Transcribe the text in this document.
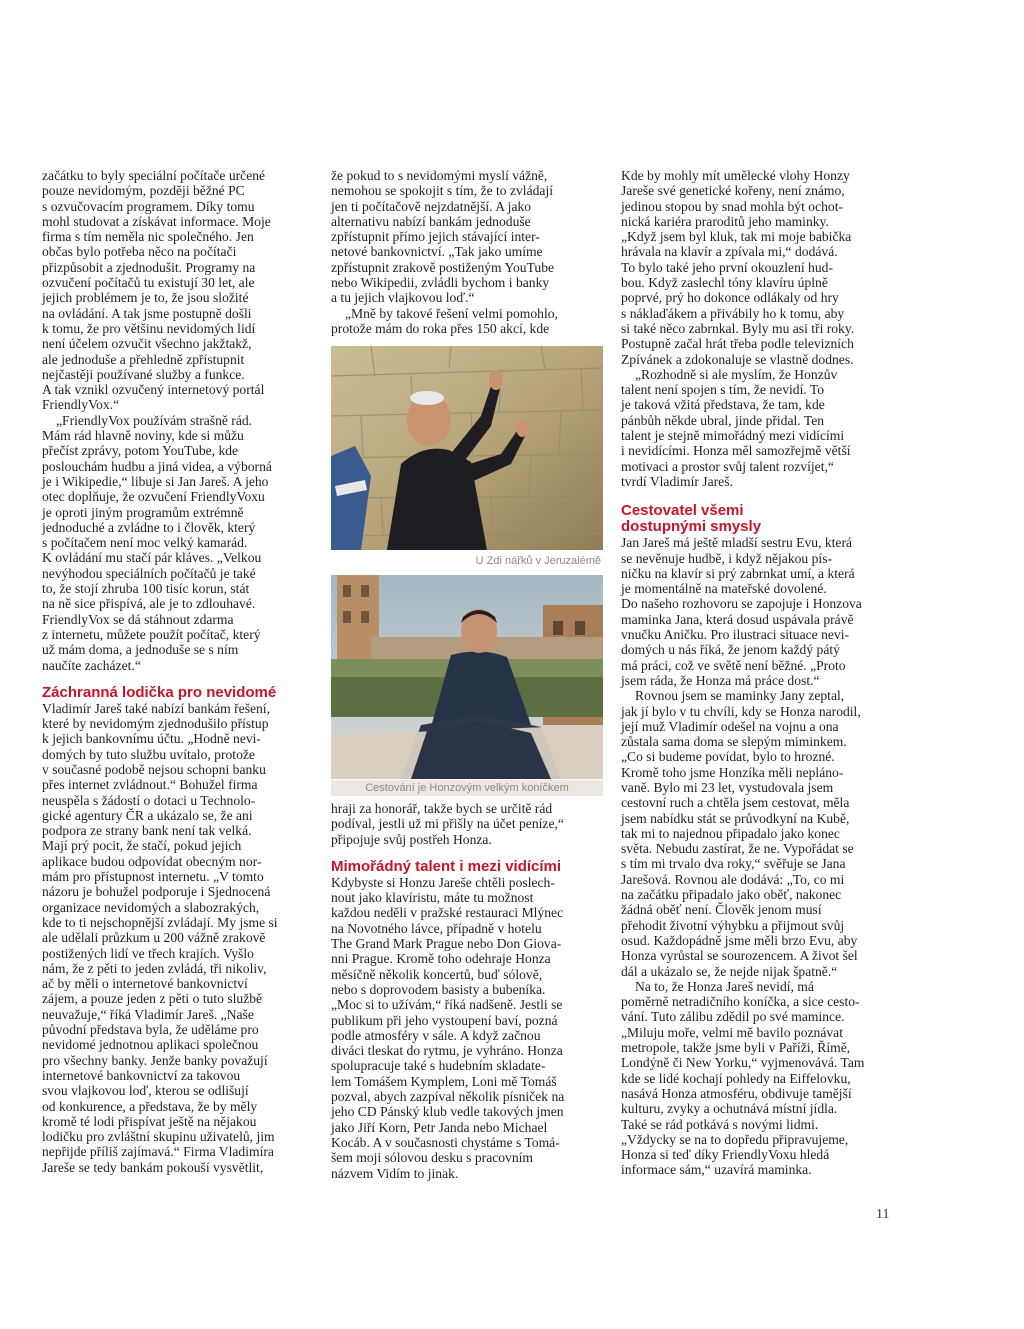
začátku to byly speciální počítače určené
pouze nevidomým, později běžné PC
s ozvučovacím programem. Díky tomu
mohl studovat a získávat informace. Moje
firma s tím neměla nic společného. Jen
občas bylo potřeba něco na počítači
přizpůsobit a zjednodušit. Programy na
ozvučení počítačů tu existují 30 let, ale
jejich problémem je to, že jsou složité
na ovládání. A tak jsme postupně došli
k tomu, že pro většinu nevidomých lidí
není účelem ozvučit všechno jakžtakž,
ale jednoduše a přehledně zpřístupnit
nejčastěji používané služby a funkce.
A tak vznikl ozvučený internetový portál
FriendlyVox.“

„FriendlyVox používám strašně rád.
Mám rád hlavně noviny, kde si můžu
přečíst zprávy, potom YouTube, kde
poslouchám hudbu a jiná videa, a výborná
je i Wikipedie,“ libuje si Jan Jareš. A jeho
otec doplňuje, že ozvučení FriendlyVoxu
je oproti jiným programům extrémně
jednoduché a zvládne to i člověk, který
s počítačem není moc velký kamarád.
K ovládání mu stačí pár kláves. „Velkou
nevýhodou speciálních počítačů je také
to, že stojí zhruba 100 tisíc korun, stát
na ně sice přispívá, ale je to zdlouhavé.
FriendlyVox se dá stáhnout zdarma
z internetu, můžete použít počítač, který
už mám doma, a jednoduše se s ním
naučíte zacházet.“

Záchranná lodička pro nevidomé

Vladimír Jareš také nabízí bankám řešení,
které by nevidomým zjednodušilo přístup
k jejich bankovnímu účtu. „Hodně nevi-
domých by tuto službu uvítalo, protože
v současné podobě nejsou schopni banku
přes internet zvládnout.“ Bohužel firma
neuspěla s žádostí o dotaci u Technolo-
gické agentury ČR a ukázalo se, že ani
podpora ze strany bank není tak velká.
Mají prý pocit, že stačí, pokud jejich
aplikace budou odpovídat obecným nor-
mám pro přístupnost internetu. „V tomto
názoru je bohužel podporuje i Sjednocená
organizace nevidomých a slabozrakých,
kde to ti nejschopnější zvládají. My jsme si
ale udělali průzkum u 200 vážně zrakově
postižených lidí ve třech krajích. Vyšlo
nám, že z pěti to jeden zvládá, tři nikoliv,
ač by měli o internetové bankovnictví
zájem, a pouze jeden z pěti o tuto službě
neuvažuje,“ říká Vladimír Jareš. „Naše
původní představa byla, že uděláme pro
nevidomé jednotnou aplikaci společnou
pro všechny banky. Jenže banky považují
internetové bankovnictví za takovou
svou vlajkovou loď, kterou se odlišují
od konkurence, a představa, že by měly
kromě té lodi přispívat ještě na nějakou
lodičku pro zvláštní skupinu uživatelů, jim
nepřijde příliš zajímavá.“ Firma Vladimíra
Jareše se tedy bankám pokouší vysvětlit,

že pokud to s nevidomými myslí vážně,
nemohou se spokojit s tím, že to zvládají
jen ti počítačově nejzdatnější. A jako
alternativu nabízí bankám jednoduše
zpřístupnit přímo jejich stávající inter-
netové bankovnictví. „Tak jako umíme
zpřístupnit zrakově postiženým YouTube
nebo Wikipedii, zvládli bychom i banky
a tu jejich vlajkovou loď.“

„Mně by takové řešení velmi pomohlo,
protože mám do roka přes 150 akcí, kde

U Zdi nářků v Jeruzalémě
Cestování je Honzovým velkým koníčkem

hraji za honorář, takže bych se určitě rád
podíval, jestli už mi přišly na účet peníze,“
připojuje svůj postřeh Honza.

Mimořádný talent i mezi vidícími

Kdybyste si Honzu Jareše chtěli poslech-
nout jako klavíristu, máte tu možnost
každou neděli v pražské restauraci Mlýnec
na Novotného lávce, případně v hotelu
The Grand Mark Prague nebo Don Giova-
nni Prague. Kromě toho odehraje Honza
měsíčně několik koncertů, buď sólově,
nebo s doprovodem basisty a bubeníka.
„Moc si to užívám,“ říká nadšeně. Jestli se
publikum při jeho vystoupení baví, pozná
podle atmosféry v sále. A když začnou
diváci tleskat do rytmu, je vyhráno. Honza
spolupracuje také s hudebním skladate-
lem Tomášem Kymplem, Loni mě Tomáš
pozval, abych zazpíval několik písniček na
jeho CD Pánský klub vedle takových jmen
jako Jiří Korn, Petr Janda nebo Michael
Kocáb. A v současnosti chystáme s Tomá-
šem moji sólovou desku s pracovním
názvem Vidím to jinak.

Kde by mohly mít umělecké vlohy Honzy
Jareše své genetické kořeny, není známo,
jedinou stopou by snad mohla být ochot-
nická kariéra praroditů jeho maminky.
„Když jsem byl kluk, tak mi moje babička
hrávala na klavír a zpívala mi,“ dodává.
To bylo také jeho první okouzlení hud-
bou. Když zaslechl tóny klavíru úplně
poprvé, prý ho dokonce odlákaly od hry
s náklaďákem a přivábily ho k tomu, aby
si také něco zabrnkal. Byly mu asi tři roky.
Postupně začal hrát třeba podle televizních
Zpívánek a zdokonaluje se vlastně dodnes.

„Rozhodně si ale myslím, že Honzův
talent není spojen s tím, že nevidí. To
je taková vžitá představa, že tam, kde
pánbůh někde ubral, jinde přidal. Ten
talent je stejně mimořádný mezi vidícími
i nevidícími. Honza měl samozřejmě větší
motivaci a prostor svůj talent rozvíjet,“
tvrdí Vladimír Jareš.

Cestovatel všemi
dostupnými smysly

Jan Jareš má ještě mladší sestru Evu, která
se nevěnuje hudbě, i když nějakou pís-
ničku na klavír si prý zabrnkat umí, a která
je momentálně na mateřské dovolené.
Do našeho rozhovoru se zapojuje i Honzova
maminka Jana, která dosud uspávala právě
vnučku Aničku. Pro ilustraci situace nevi-
domých u nás říká, že jenom každý pátý
má práci, což ve světě není běžné. „Proto
jsem ráda, že Honza má práce dost.“

Rovnou jsem se maminky Jany zeptal,
jak jí bylo v tu chvíli, kdy se Honza narodil,
její muž Vladimír odešel na vojnu a ona
zůstala sama doma se slepým miminkem.
„Co si budeme povídat, bylo to hrozné.
Kromě toho jsme Honzíka měli neplánо-
vaně. Bylo mi 23 let, vystudovala jsem
cestovní ruch a chtěla jsem cestovat, měla
jsem nabídku stát se průvodkyní na Kubě,
tak mi to najednou připadalo jako konec
světa. Nebudu zastírat, že ne. Vypořádat se
s tím mi trvalo dva roky,“ svěřuje se Jana
Jarešová. Rovnou ale dodává: „To, co mi
na začátku připadalo jako oběť, nakonec
žádná oběť není. Člověk jenom musí
přehodit životní výhybku a přijmout svůj
osud. Každopádně jsme měli brzo Evu, aby
Honza vyrůstal se sourozencem. A život šel
dál a ukázalo se, že nejde nijak špatně.“

Na to, že Honza Jareš nevidí, má
poměrně netradičního koníčka, a sice cesto-
vání. Tuto zálibu zdědil po své mamince.
„Miluju moře, velmi mě bavilo poznávat
metropole, takže jsme byli v Paříži, Římě,
Londýně či New Yorku,“ vyjmenovává. Tam
kde se lidé kochají pohledy na Eiffelovku,
nasává Honza atmosféru, obdivuje tamější
kulturu, zvyky a ochutnává místní jídla.
Také se rád potkává s novými lidmi.
„Vždycky se na to dopředu připravujeme,
Honza si teď díky FriendlyVoxu hledá
informace sám,“ uzavírá maminka.

11
